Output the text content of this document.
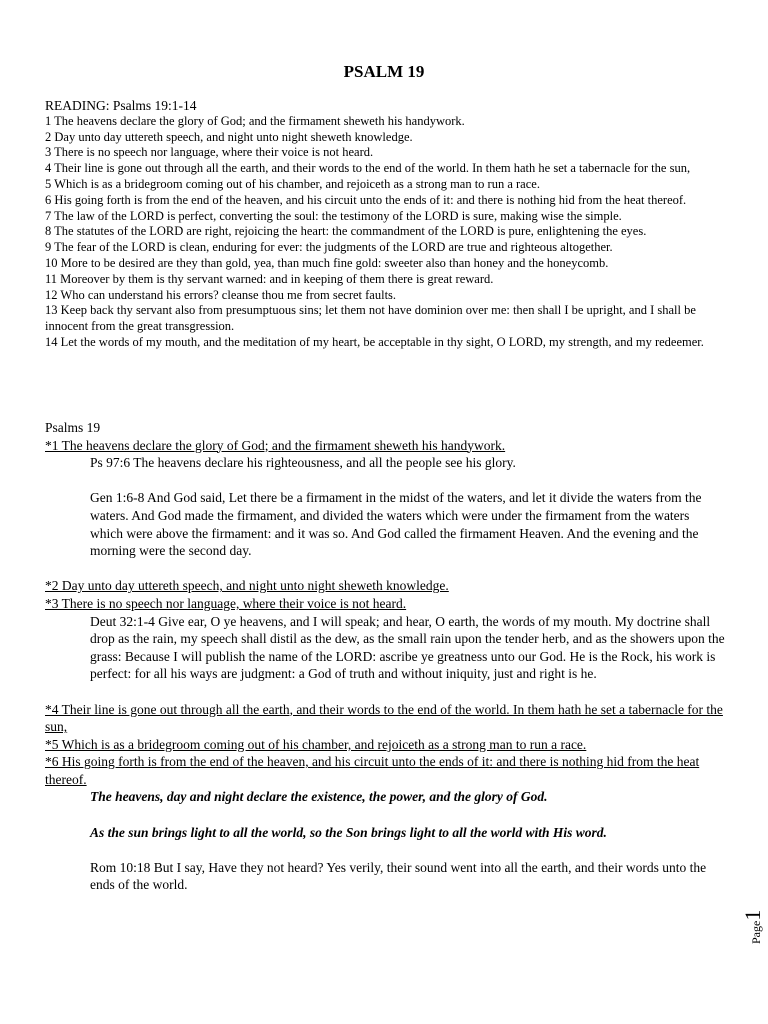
PSALM 19

READING: Psalms 19:1-14

1 The heavens declare the glory of God; and the firmament sheweth his handywork.

2 Day unto day uttereth speech, and night unto night sheweth knowledge.

3 There is no speech nor language, where their voice is not heard.

4 Their line is gone out through all the earth, and their words to the end of the world. In them hath he set a tabernacle for the sun,

5 Which is as a bridegroom coming out of his chamber, and rejoiceth as a strong man to run a race.

6 His going forth is from the end of the heaven, and his circuit unto the ends of it: and there is nothing hid from the heat thereof.

7 The law of the LORD is perfect, converting the soul: the testimony of the LORD is sure, making wise the simple.

8 The statutes of the LORD are right, rejoicing the heart: the commandment of the LORD is pure, enlightening the eyes.

9 The fear of the LORD is clean, enduring for ever: the judgments of the LORD are true and righteous altogether.

10 More to be desired are they than gold, yea, than much fine gold: sweeter also than honey and the honeycomb.

11 Moreover by them is thy servant warned: and in keeping of them there is great reward.

12 Who can understand his errors? cleanse thou me from secret faults.

13 Keep back thy servant also from presumptuous sins; let them not have dominion over me: then shall I be upright, and I shall be innocent from the great transgression.

14 Let the words of my mouth, and the meditation of my heart, be acceptable in thy sight, O LORD, my strength, and my redeemer.

Psalms 19

*1 The heavens declare the glory of God; and the firmament sheweth his handywork.

Ps 97:6 The heavens declare his righteousness, and all the people see his glory.

Gen 1:6-8 And God said, Let there be a firmament in the midst of the waters, and let it divide the waters from the waters. And God made the firmament, and divided the waters which were under the firmament from the waters which were above the firmament: and it was so. And God called the firmament Heaven. And the evening and the morning were the second day.

*2 Day unto day uttereth speech, and night unto night sheweth knowledge.

*3 There is no speech nor language, where their voice is not heard.

Deut 32:1-4 Give ear, O ye heavens, and I will speak; and hear, O earth, the words of my mouth. My doctrine shall drop as the rain, my speech shall distil as the dew, as the small rain upon the tender herb, and as the showers upon the grass: Because I will publish the name of the LORD: ascribe ye greatness unto our God. He is the Rock, his work is perfect: for all his ways are judgment: a God of truth and without iniquity, just and right is he.

*4 Their line is gone out through all the earth, and their words to the end of the world. In them hath he set a tabernacle for the sun,

*5 Which is as a bridegroom coming out of his chamber, and rejoiceth as a strong man to run a race.

*6 His going forth is from the end of the heaven, and his circuit unto the ends of it: and there is nothing hid from the heat thereof.

The heavens, day and night declare the existence, the power, and the glory of God.

As the sun brings light to all the world, so the Son brings light to all the world with His word.

Rom 10:18 But I say, Have they not heard? Yes verily, their sound went into all the earth, and their words unto the ends of the world.

Page1
